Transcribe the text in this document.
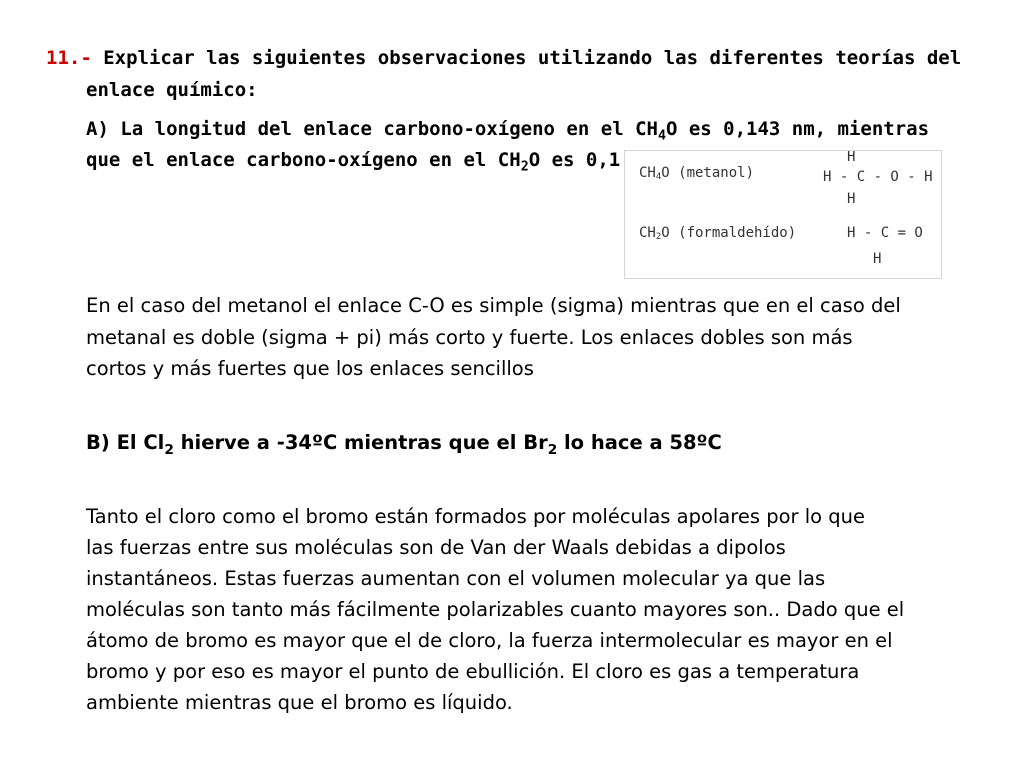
11.- Explicar las siguientes observaciones utilizando las diferentes teorías del
enlace químico:
A) La longitud del enlace carbono-oxígeno en el $CH_4O$ es 0,143 nm, mientras
que el enlace carbono-oxígeno en el $CH_2O$ es 0,1
CH4O (metanol)
H
H - C - O - H
H
CH2O (formaldehído)	H - C = O
H
En el caso del metanol el enlace C-O es simple (sigma) mientras que en el caso del
metanal es doble (sigma + pi) más corto y fuerte. Los enlaces dobles son más
cortos y más fuertes que los enlaces sencillos
B) El $Cl_2$ hierve a -34ºC mientras que el $Br_2$ lo hace a 58ºC
Tanto el cloro como el bromo están formados por moléculas apolares por lo que
las fuerzas entre sus moléculas son de Van der Waals debidas a dipolos
instantáneos. Estas fuerzas aumentan con el volumen molecular ya que las
moléculas son tanto más fácilmente polarizables cuanto mayores son.. Dado que el
átomo de bromo es mayor que el de cloro, la fuerza intermolecular es mayor en el
bromo y por eso es mayor el punto de ebullición. El cloro es gas a temperatura
ambiente mientras que el bromo es líquido.
